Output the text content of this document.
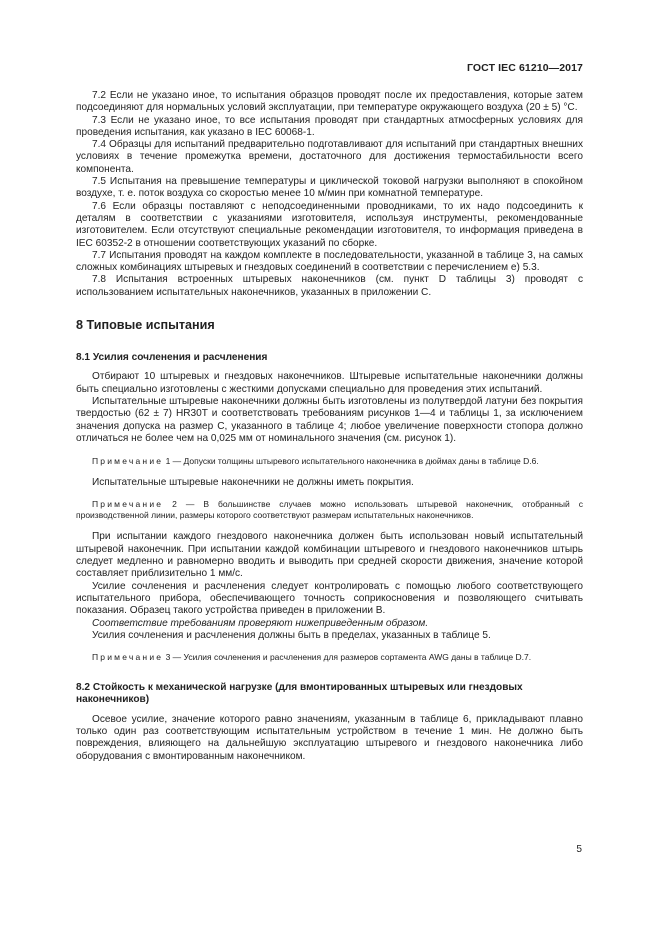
ГОСТ IEC 61210—2017

7.2 Если не указано иное, то испытания образцов проводят после их предоставления, которые затем подсоединяют для нормальных условий эксплуатации, при температуре окружающего воздуха (20 ± 5) °С.

7.3 Если не указано иное, то все испытания проводят при стандартных атмосферных условиях для проведения испытания, как указано в IEC 60068-1.

7.4 Образцы для испытаний предварительно подготавливают для испытаний при стандартных внешних условиях в течение промежутка времени, достаточного для достижения термостабильности всего компонента.

7.5 Испытания на превышение температуры и циклической токовой нагрузки выполняют в спокойном воздухе, т. е. поток воздуха со скоростью менее 10 м/мин при комнатной температуре.

7.6 Если образцы поставляют с неподсоединенными проводниками, то их надо подсоединить к деталям в соответствии с указаниями изготовителя, используя инструменты, рекомендованные изготовителем. Если отсутствуют специальные рекомендации изготовителя, то информация приведена в IEC 60352-2 в отношении соответствующих указаний по сборке.

7.7 Испытания проводят на каждом комплекте в последовательности, указанной в таблице 3, на самых сложных комбинациях штыревых и гнездовых соединений в соответствии с перечислением е) 5.3.

7.8 Испытания встроенных штыревых наконечников (см. пункт D таблицы 3) проводят с использованием испытательных наконечников, указанных в приложении С.

8 Типовые испытания
8.1 Усилия сочленения и расчленения

Отбирают 10 штыревых и гнездовых наконечников. Штыревые испытательные наконечники должны быть специально изготовлены с жесткими допусками специально для проведения этих испытаний.

Испытательные штыревые наконечники должны быть изготовлены из полутвердой латуни без покрытия твердостью (62 ± 7) HR30T и соответствовать требованиям рисунков 1—4 и таблицы 1, за исключением значения допуска на размер С, указанного в таблице 4; любое увеличение поверхности стопора должно отличаться не более чем на 0,025 мм от номинального значения (см. рисунок 1).

Примечание 1 — Допуски толщины штыревого испытательного наконечника в дюймах даны в таблице D.6.

Испытательные штыревые наконечники не должны иметь покрытия.

Примечание 2 — В большинстве случаев можно использовать штыревой наконечник, отобранный с производственной линии, размеры которого соответствуют размерам испытательных наконечников.

При испытании каждого гнездового наконечника должен быть использован новый испытательный штыревой наконечник. При испытании каждой комбинации штыревого и гнездового наконечников штырь следует медленно и равномерно вводить и выводить при средней скорости движения, значение которой составляет приблизительно 1 мм/с.

Усилие сочленения и расчленения следует контролировать с помощью любого соответствующего испытательного прибора, обеспечивающего точность соприкосновения и позволяющего считывать показания. Образец такого устройства приведен в приложении В.

Соответствие требованиям проверяют нижеприведенным образом.

Усилия сочленения и расчленения должны быть в пределах, указанных в таблице 5.

Примечание 3 — Усилия сочленения и расчленения для размеров сортамента AWG даны в таблице D.7.

8.2 Стойкость к механической нагрузке (для вмонтированных штыревых или гнездовых наконечников)

Осевое усилие, значение которого равно значениям, указанным в таблице 6, прикладывают плавно только один раз соответствующим испытательным устройством в течение 1 мин. Не должно быть повреждения, влияющего на дальнейшую эксплуатацию штыревого и гнездового наконечника либо оборудования с вмонтированным наконечником.

5
